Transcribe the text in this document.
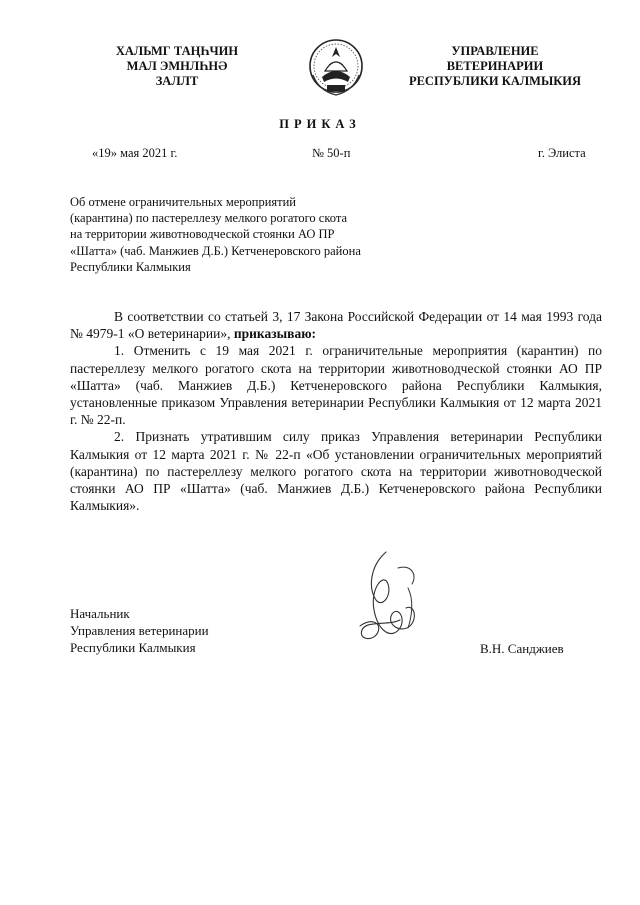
ХАЛЬМГ ТАҢҺЧИН
МАЛ ЭМНЛҺНӘ
ЗАЛЛТ
УПРАВЛЕНИЕ
ВЕТЕРИНАРИИ
РЕСПУБЛИКИ КАЛМЫКИЯ
ПРИКАЗ
«19» мая 2021 г.	№ 50-п	г. Элиста
Об отмене ограничительных мероприятий
(карантина) по пастереллезу мелкого рогатого скота
на территории животноводческой стоянки АО ПР
«Шатта» (чаб. Манжиев Д.Б.) Кетченеровского района
Республики Калмыкия

В соответствии со статьей 3, 17 Закона Российской Федерации от 14 мая 1993 года № 4979-1 «О ветеринарии», приказываю:

1. Отменить с 19 мая 2021 г. ограничительные мероприятия (карантин) по пастереллезу мелкого рогатого скота на территории животноводческой стоянки АО ПР «Шатта» (чаб. Манжиев Д.Б.) Кетченеровского района Республики Калмыкия, установленные приказом Управления ветеринарии Республики Калмыкия от 12 марта 2021 г. № 22-п.

2. Признать утратившим силу приказ Управления ветеринарии Республики Калмыкия от 12 марта 2021 г. № 22-п «Об установлении ограничительных мероприятий (карантина) по пастереллезу мелкого рогатого скота на территории животноводческой стоянки АО ПР «Шатта» (чаб. Манжиев Д.Б.) Кетченеровского района Республики Калмыкия».

Начальник
Управления ветеринарии
Республики Калмыкия	В.Н. Санджиев
